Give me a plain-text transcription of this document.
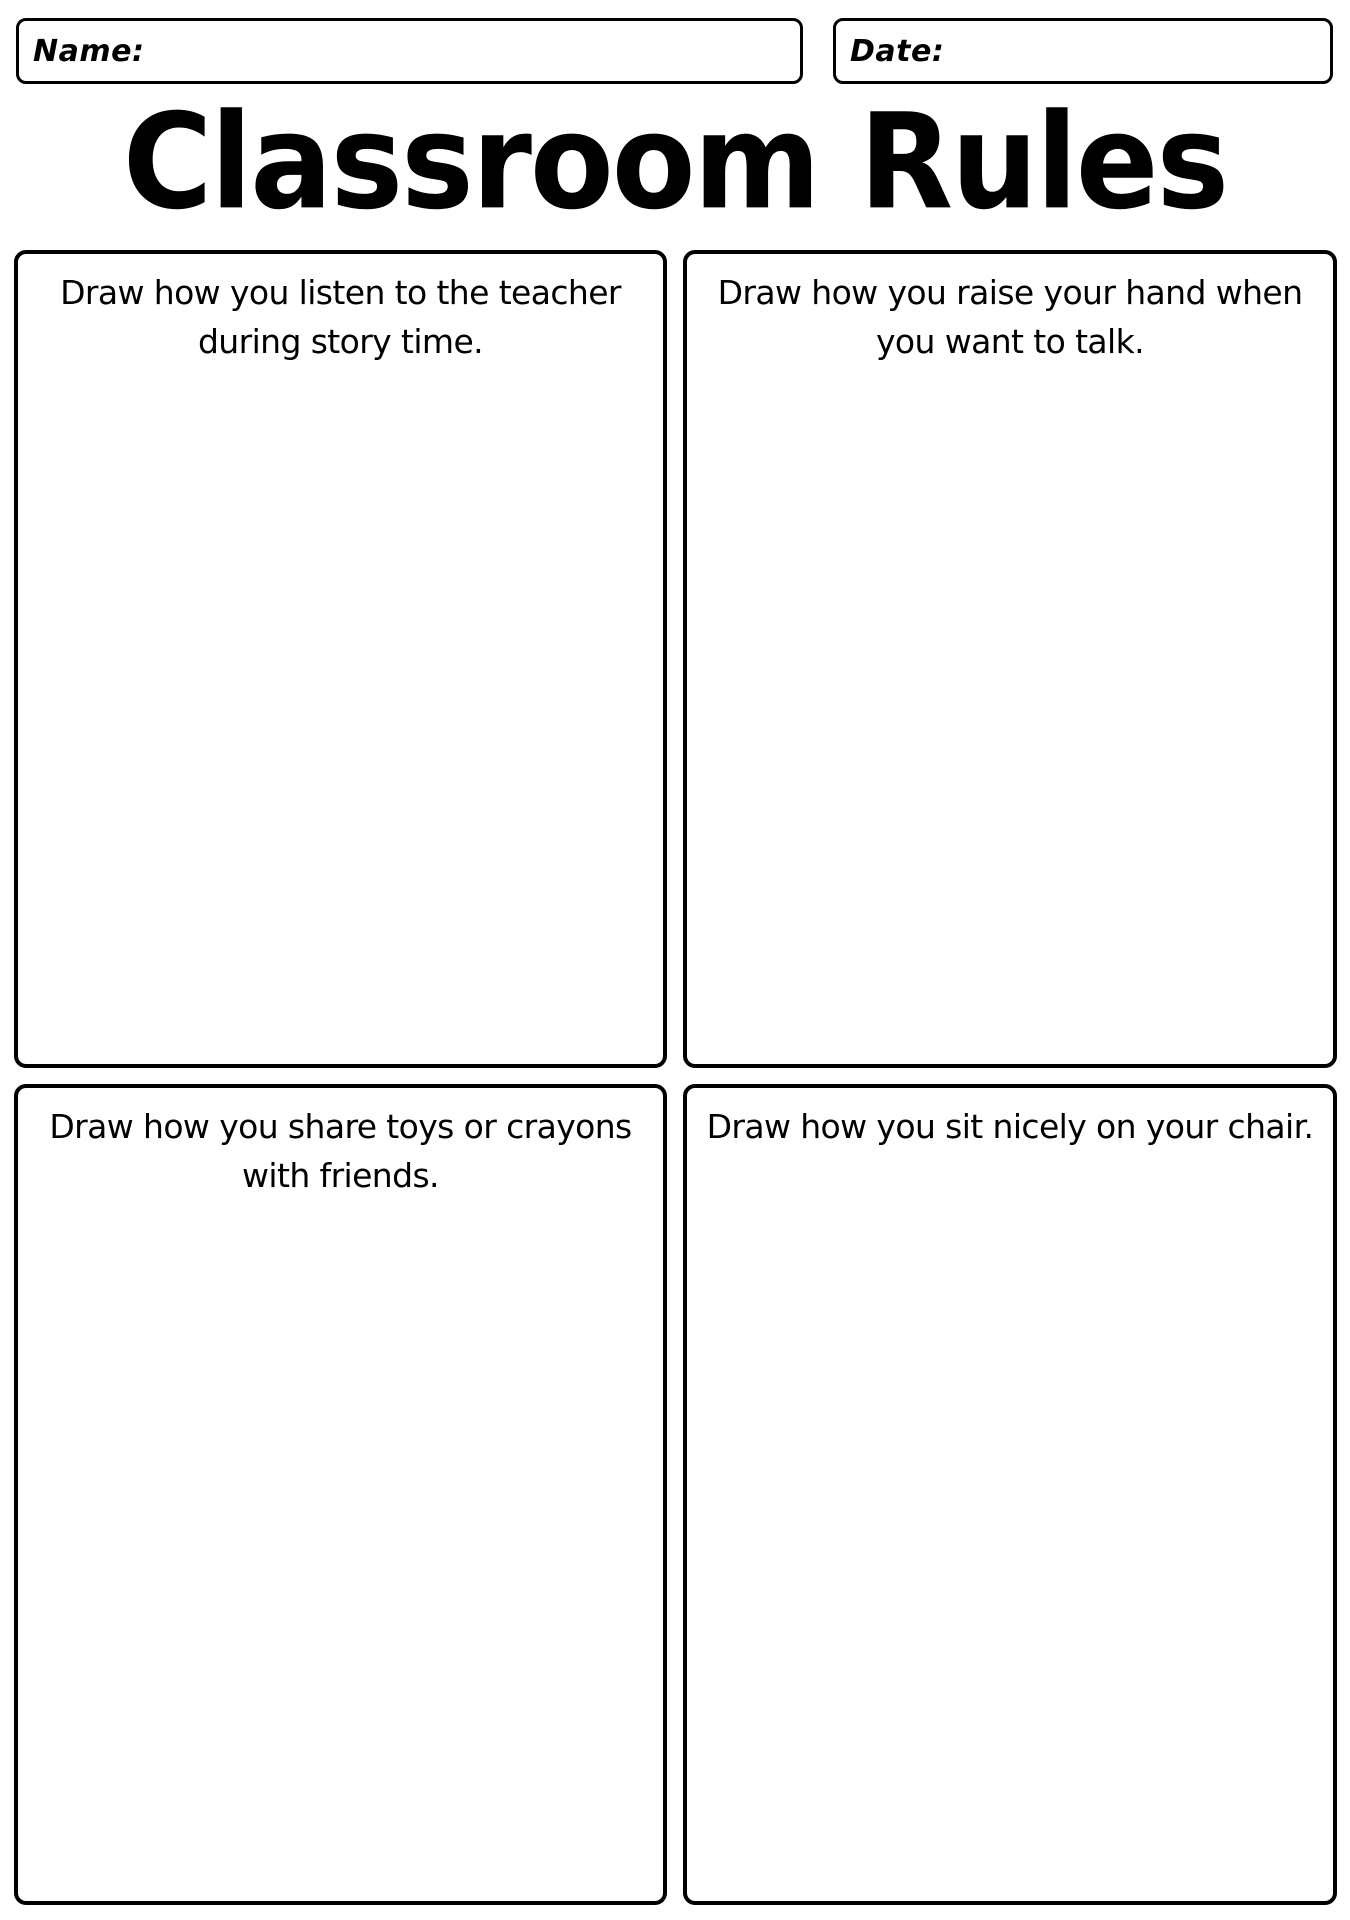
Name:	Date:
Classroom Rules
Draw how you listen to the teacher during story time.
Draw how you raise your hand when you want to talk.
Draw how you share toys or crayons with friends.
Draw how you sit nicely on your chair.
